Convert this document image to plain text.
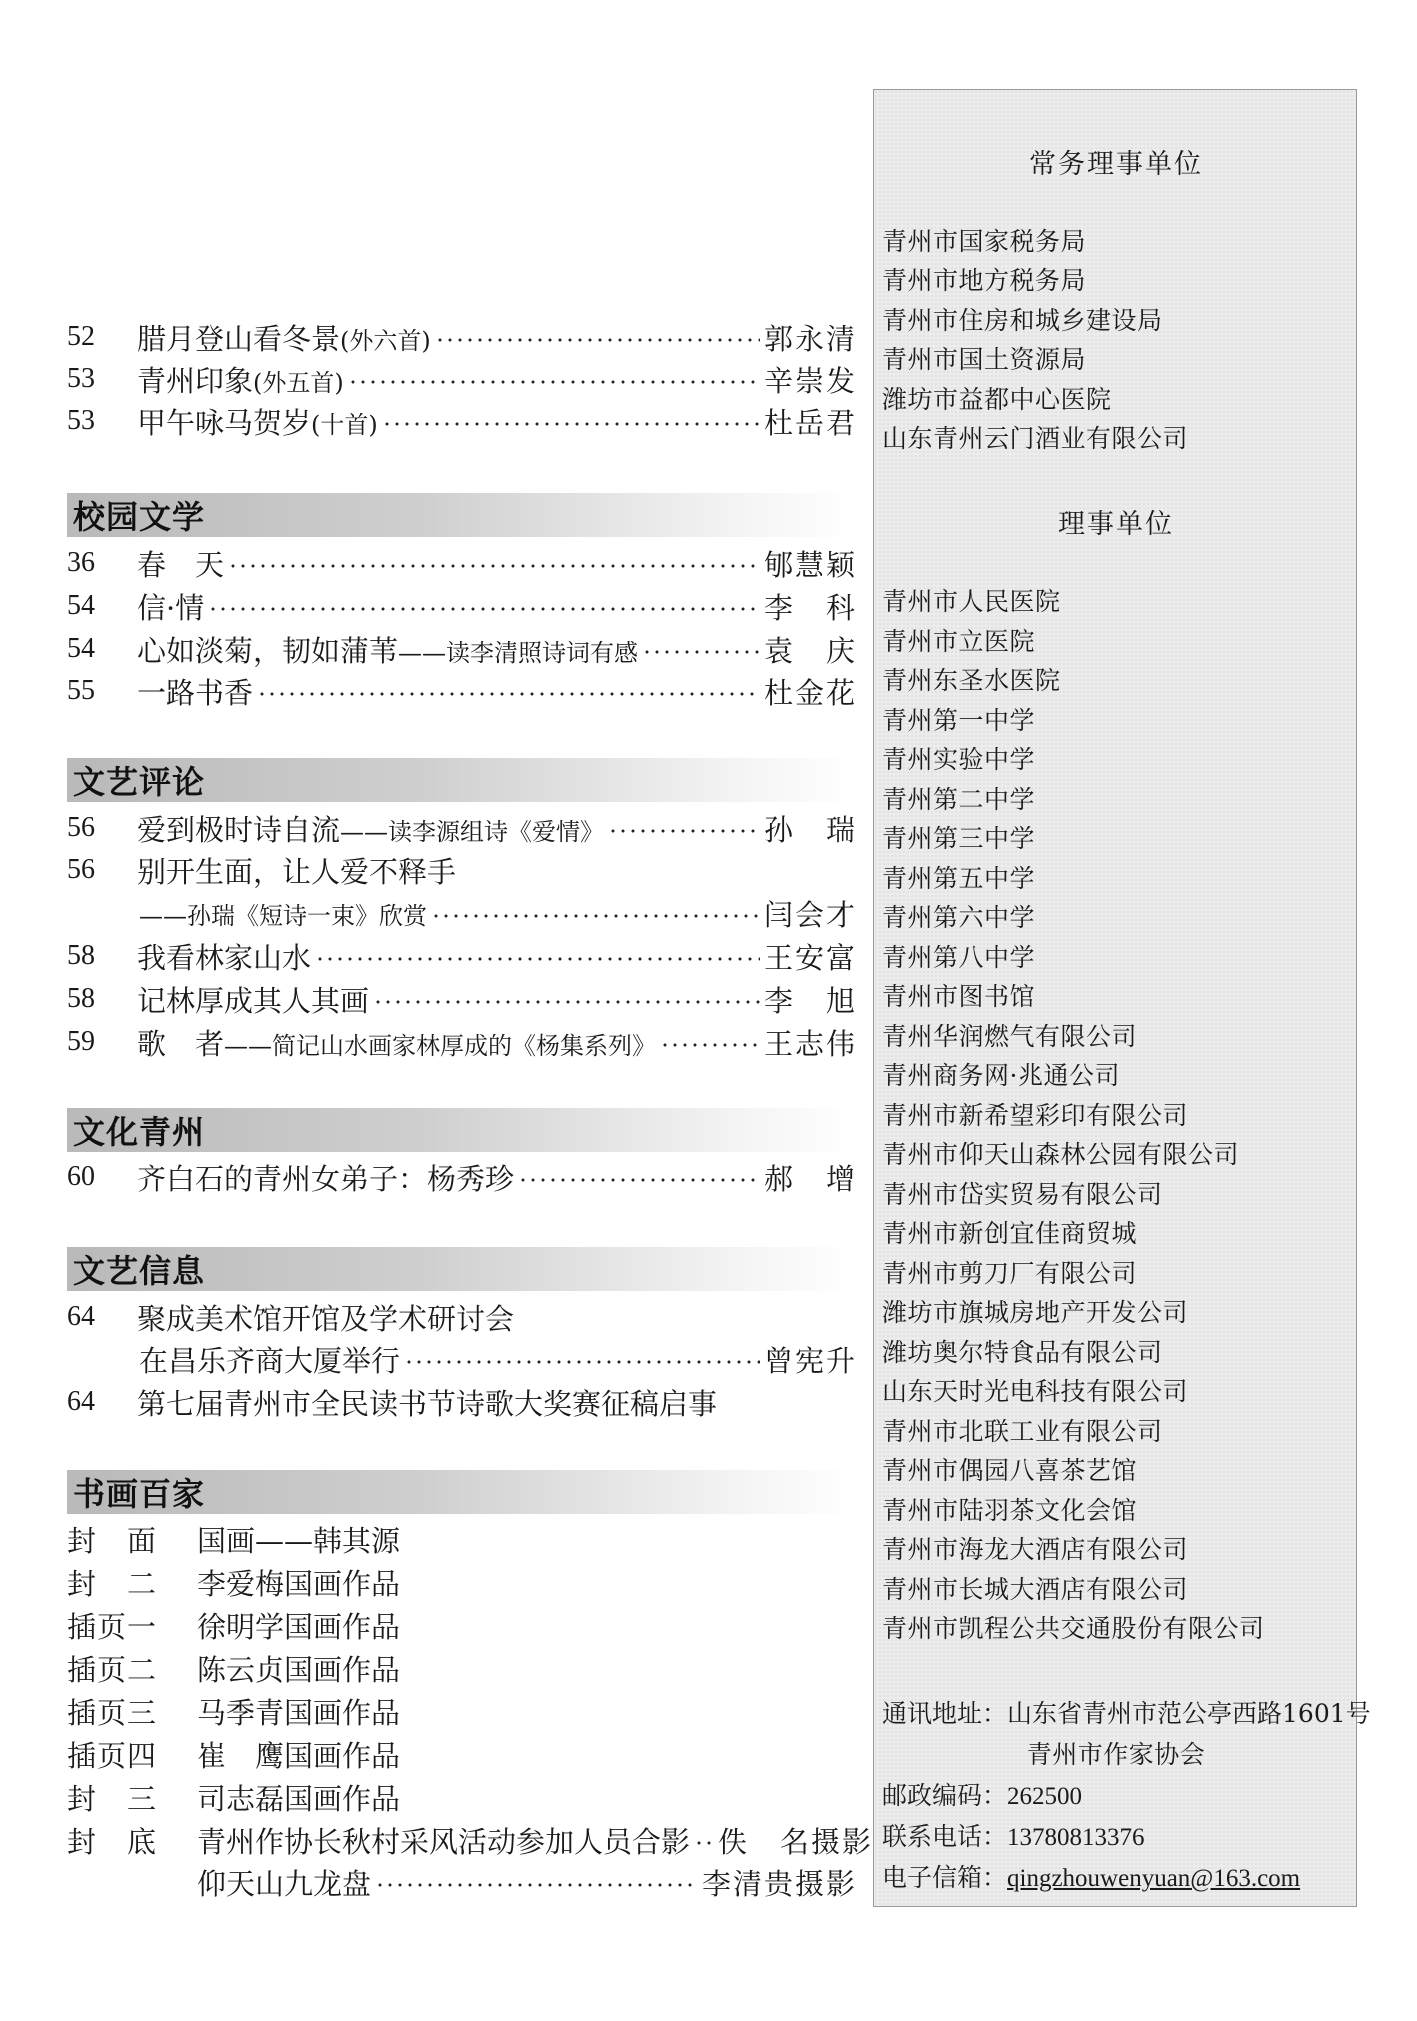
52	腊月登山看冬景(外六首)	郭永清
53	青州印象(外五首)	辛崇发
53	甲午咏马贺岁(十首)	杜岳君
校园文学
36	春　天	郇慧颖
54	信·情	李　科
54	心如淡菊，韧如蒲苇——读李清照诗词有感	袁　庆
55	一路书香	杜金花
文艺评论
56	爱到极时诗自流——读李源组诗《爱情》	孙　瑞
56	别开生面，让人爱不释手
——孙瑞《短诗一束》欣赏	闫会才
58	我看林家山水	王安富
58	记林厚成其人其画	李　旭
59	歌　者——简记山水画家林厚成的《杨集系列》	王志伟
文化青州
60	齐白石的青州女弟子：杨秀珍	郝　增
文艺信息
64	聚成美术馆开馆及学术研讨会
在昌乐齐商大厦举行	曾宪升
64	第七届青州市全民读书节诗歌大奖赛征稿启事
书画百家
封　面	国画——韩其源
封　二	李爱梅国画作品
插页一	徐明学国画作品
插页二	陈云贞国画作品
插页三	马季青国画作品
插页四	崔　鹰国画作品
封　三	司志磊国画作品
封　底	青州作协长秋村采风活动参加人员合影 佚　名摄影
仰天山九龙盘	李清贵摄影
常务理事单位
青州市国家税务局
青州市地方税务局
青州市住房和城乡建设局
青州市国土资源局
潍坊市益都中心医院
山东青州云门酒业有限公司
理事单位
青州市人民医院
青州市立医院
青州东圣水医院
青州第一中学
青州实验中学
青州第二中学
青州第三中学
青州第五中学
青州第六中学
青州第八中学
青州市图书馆
青州华润燃气有限公司
青州商务网·兆通公司
青州市新希望彩印有限公司
青州市仰天山森林公园有限公司
青州市岱实贸易有限公司
青州市新创宜佳商贸城
青州市剪刀厂有限公司
潍坊市旗城房地产开发公司
潍坊奥尔特食品有限公司
山东天时光电科技有限公司
青州市北联工业有限公司
青州市偶园八喜茶艺馆
青州市陆羽茶文化会馆
青州市海龙大酒店有限公司
青州市长城大酒店有限公司
青州市凯程公共交通股份有限公司
通讯地址：山东省青州市范公亭西路1601号
青州市作家协会
邮政编码：262500
联系电话：13780813376
电子信箱：qingzhouwenyuan@163.com
